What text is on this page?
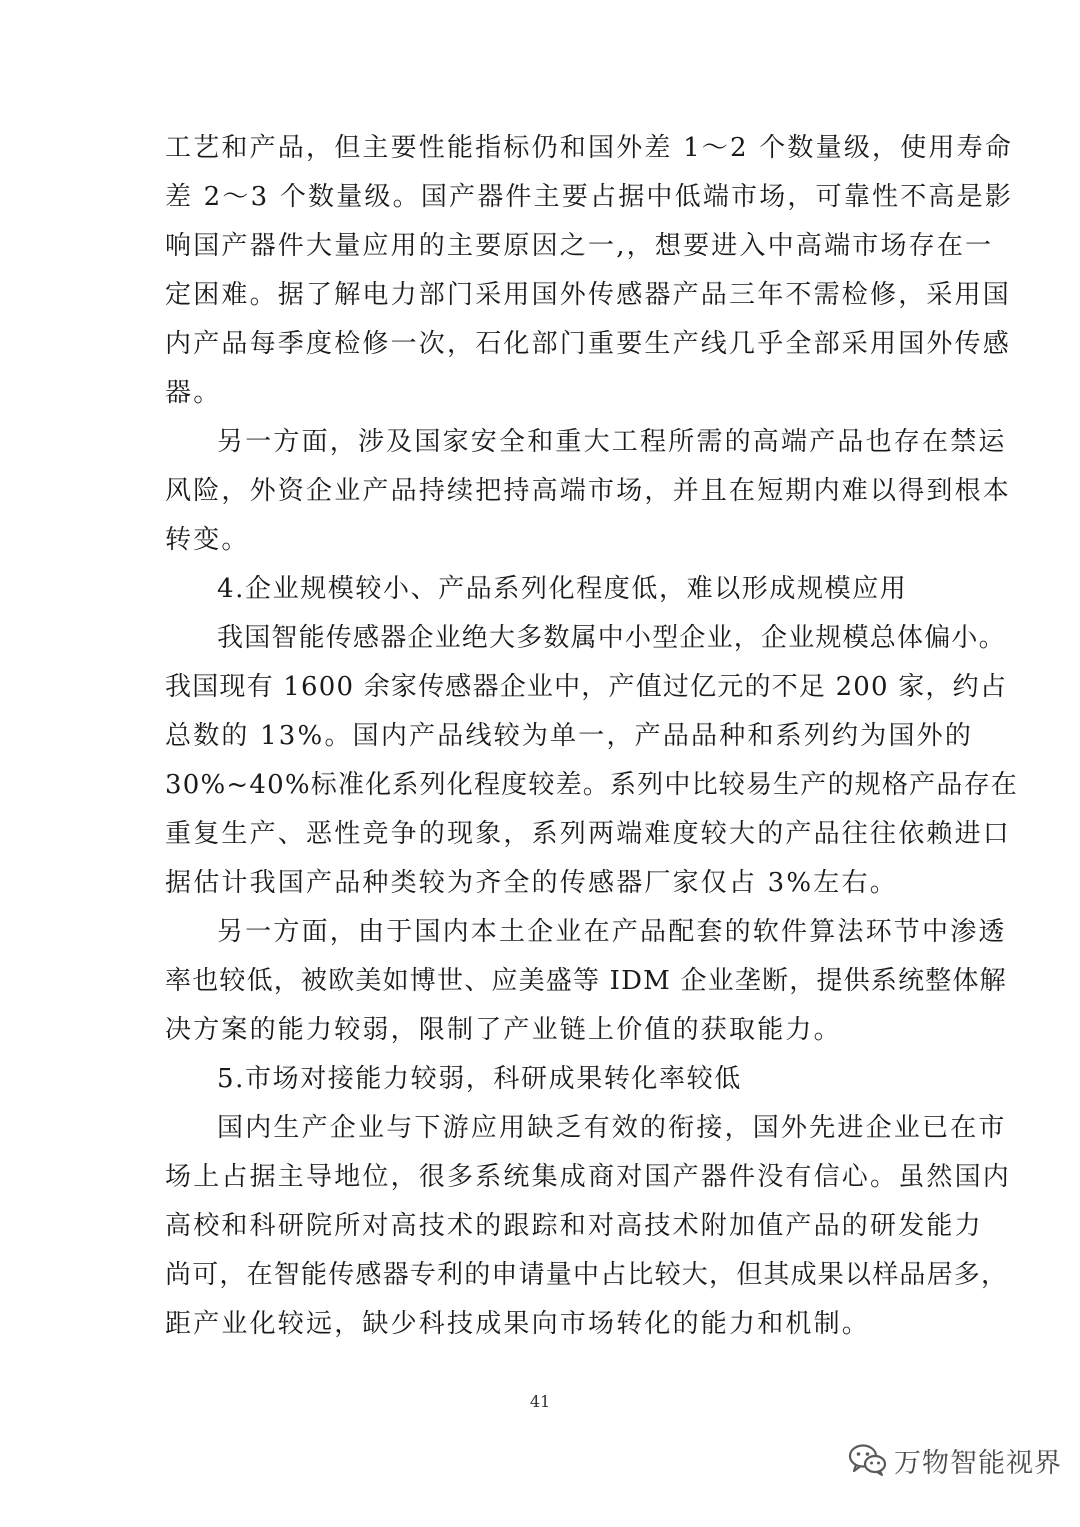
工艺和产品，但主要性能指标仍和国外差 1～2 个数量级，使用寿命
差 2～3 个数量级。国产器件主要占据中低端市场，可靠性不高是影
响国产器件大量应用的主要原因之一,，想要进入中高端市场存在一
定困难。据了解电力部门采用国外传感器产品三年不需检修，采用国
内产品每季度检修一次，石化部门重要生产线几乎全部采用国外传感
器。
另一方面，涉及国家安全和重大工程所需的高端产品也存在禁运
风险，外资企业产品持续把持高端市场，并且在短期内难以得到根本
转变。
4.企业规模较小、产品系列化程度低，难以形成规模应用
我国智能传感器企业绝大多数属中小型企业，企业规模总体偏小。
我国现有 1600 余家传感器企业中，产值过亿元的不足 200 家，约占
总数的 13%。国内产品线较为单一，产品品种和系列约为国外的
30%~40%标准化系列化程度较差。系列中比较易生产的规格产品存在
重复生产、恶性竞争的现象，系列两端难度较大的产品往往依赖进口
据估计我国产品种类较为齐全的传感器厂家仅占 3%左右。
另一方面，由于国内本土企业在产品配套的软件算法环节中渗透
率也较低，被欧美如博世、应美盛等 IDM 企业垄断，提供系统整体解
决方案的能力较弱，限制了产业链上价值的获取能力。
5.市场对接能力较弱，科研成果转化率较低
国内生产企业与下游应用缺乏有效的衔接，国外先进企业已在市
场上占据主导地位，很多系统集成商对国产器件没有信心。虽然国内
高校和科研院所对高技术的跟踪和对高技术附加值产品的研发能力
尚可，在智能传感器专利的申请量中占比较大，但其成果以样品居多，
距产业化较远，缺少科技成果向市场转化的能力和机制。
41
万物智能视界
